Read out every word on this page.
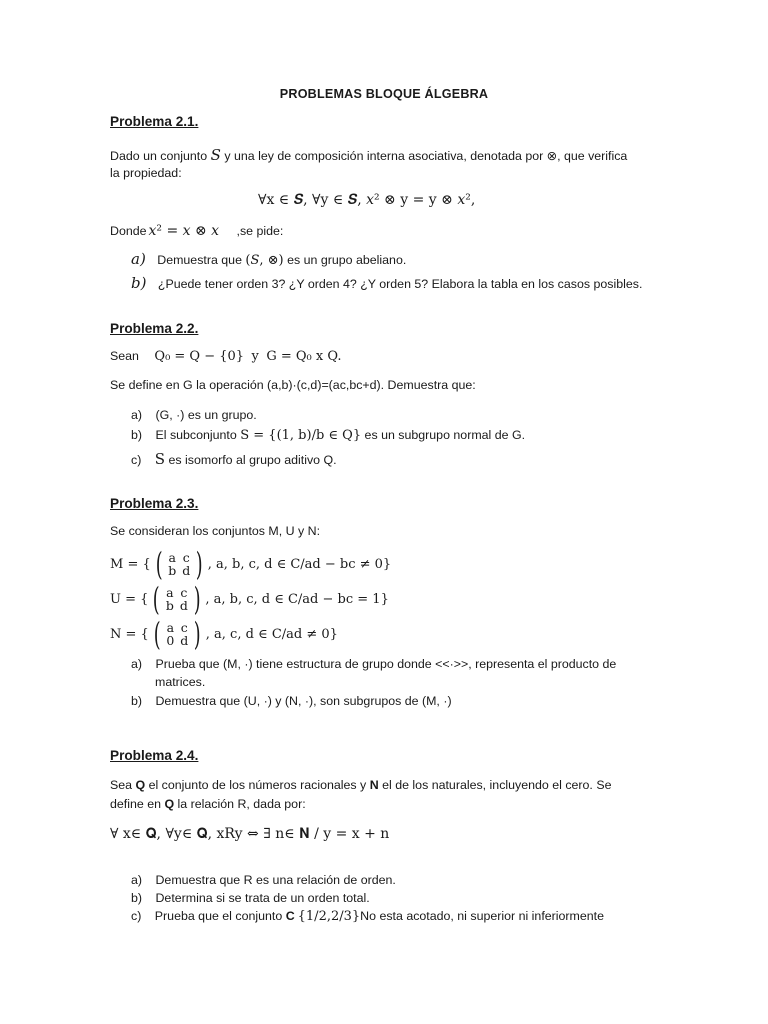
PROBLEMAS BLOQUE ÁLGEBRA
Problema 2.1.
Dado un conjunto S y una ley de composición interna asociativa, denotada por ⊗, que verifica
la propiedad:
∀x ∈ 𝑺, ∀y ∈ 𝑺, 𝑥² ⊗ y = y ⊗ 𝑥²,
Donde 𝑥² = 𝑥 ⊗ 𝑥 ,se pide:
a) Demuestra que (𝑆, ⊗) es un grupo abeliano.
b) ¿Puede tener orden 3? ¿Y orden 4? ¿Y orden 5? Elabora la tabla en los casos posibles.
Problema 2.2.
Sean Q₀ = Q − {0} y G = Q₀ x Q.
Se define en G la operación (a,b)·(c,d)=(ac,bc+d). Demuestra que:
a) (G, ·) es un grupo.
b) El subconjunto S = {(1, b)/b ∈ Q} es un subgrupo normal de G.
c) S es isomorfo al grupo aditivo Q.
Problema 2.3.
Se consideran los conjuntos M, U y N:
M = { ( a c
b d ) , a, b, c, d ∈ C/ad − bc ≠ 0}
U = { ( a c
b d ) , a, b, c, d ∈ C/ad − bc = 1}
N = { ( a c
0 d ) , a, c, d ∈ C/ad ≠ 0}
a) Prueba que (M, ·) tiene estructura de grupo donde <<·>>, representa el producto de
matrices.
b) Demuestra que (U, ·) y (N, ·), son subgrupos de (M, ·)
Problema 2.4.
Sea Q el conjunto de los números racionales y N el de los naturales, incluyendo el cero. Se
define en Q la relación R, dada por:
∀ x∈ 𝐐, ∀y∈ 𝐐, xRy ⇔ ∃ n∈ 𝐍 / y = x + n
a) Demuestra que R es una relación de orden.
b) Determina si se trata de un orden total.
c) Prueba que el conjunto C {1/2,2/3}No esta acotado, ni superior ni inferiormente
